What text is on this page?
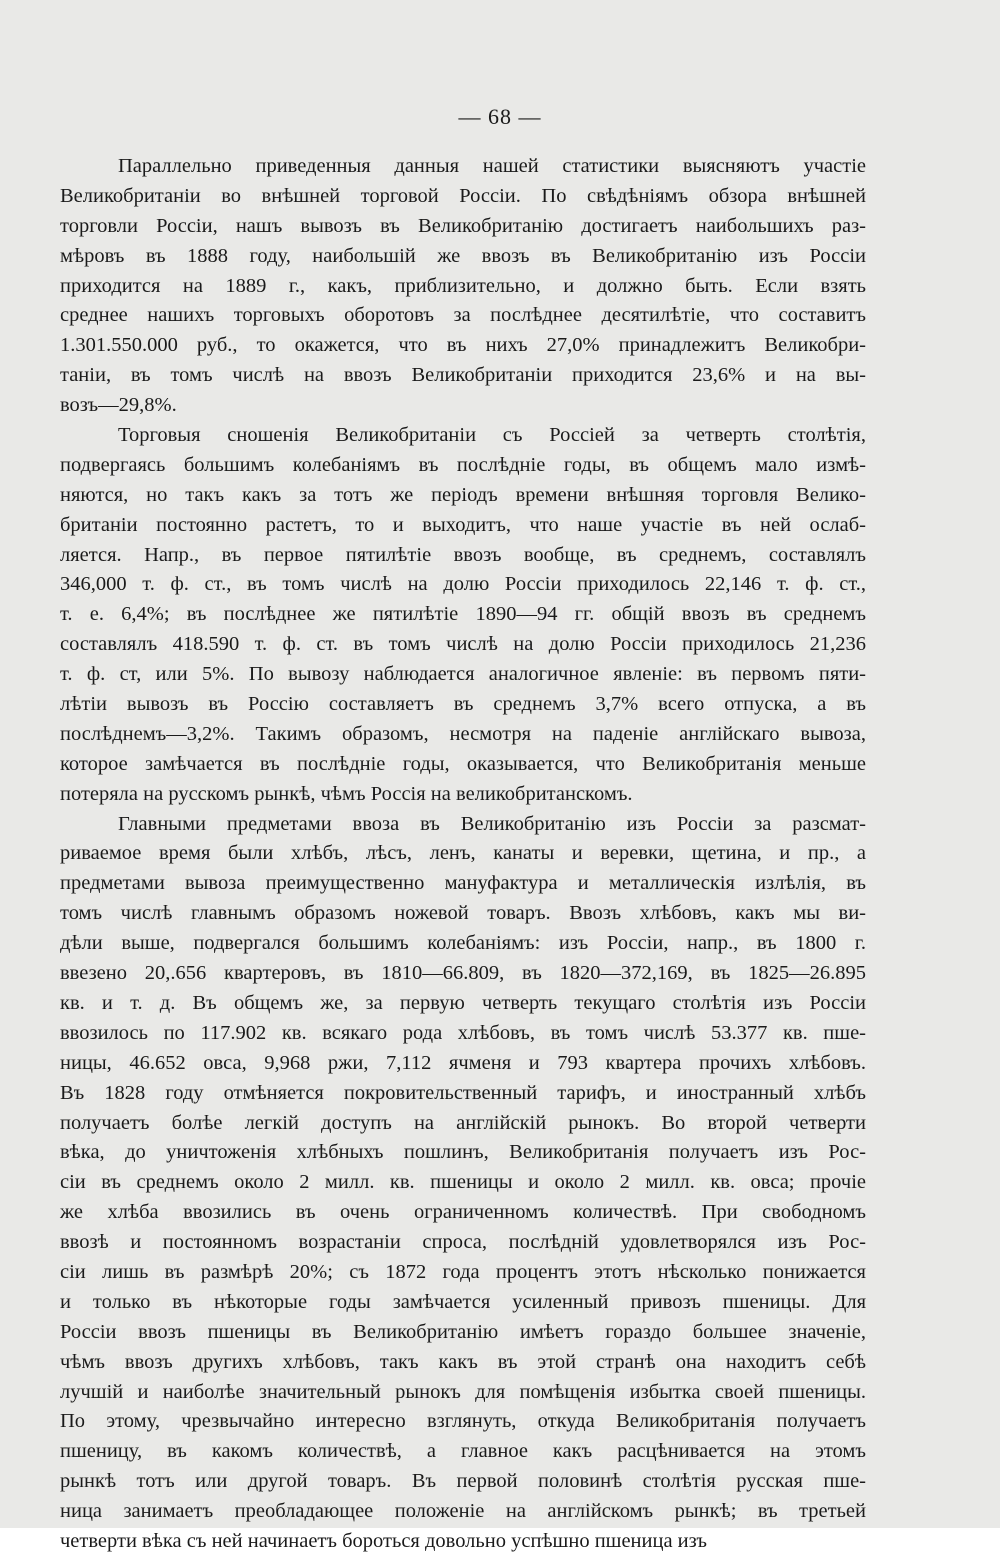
— 68 —
Параллельно приведенныя данныя нашей статистики выясняютъ участіе
Великобританіи во внѣшней торговой Россіи. По свѣдѣніямъ обзора внѣшней
торговли Россіи, нашъ вывозъ въ Великобританію достигаетъ наибольшихъ раз-
мѣровъ въ 1888 году, наибольшій же ввозъ въ Великобританію изъ Россіи
приходится на 1889 г., какъ, приблизительно, и должно быть. Если взять
среднее нашихъ торговыхъ оборотовъ за послѣднее десятилѣтіе, что составитъ
1.301.550.000 руб., то окажется, что въ нихъ 27,0% принадлежитъ Великобри-
таніи, въ томъ числѣ на ввозъ Великобританіи приходится 23,6% и на вы-
возъ—29,8%.
Торговыя сношенія Великобританіи съ Россіей за четверть столѣтія,
подвергаясь большимъ колебаніямъ въ послѣдніе годы, въ общемъ мало измѣ-
няются, но такъ какъ за тотъ же періодъ времени внѣшняя торговля Велико-
британіи постоянно растетъ, то и выходитъ, что наше участіе въ ней ослаб-
ляется. Напр., въ первое пятилѣтіе ввозъ вообще, въ среднемъ, составлялъ
346,000 т. ф. ст., въ томъ числѣ на долю Россіи приходилось 22,146 т. ф. ст.,
т. е. 6,4%; въ послѣднее же пятилѣтіе 1890—94 гг. общій ввозъ въ среднемъ
составлялъ 418.590 т. ф. ст. въ томъ числѣ на долю Россіи приходилось 21,236
т. ф. ст, или 5%. По вывозу наблюдается аналогичное явленіе: въ первомъ пяти-
лѣтіи вывозъ въ Россію составляетъ въ среднемъ 3,7% всего отпуска, а въ
послѣднемъ—3,2%. Такимъ образомъ, несмотря на паденіе англійскаго вывоза,
которое замѣчается въ послѣдніе годы, оказывается, что Великобританія меньше
потеряла на русскомъ рынкѣ, чѣмъ Россія на великобританскомъ.
Главными предметами ввоза въ Великобританію изъ Россіи за разсмат-
риваемое время были хлѣбъ, лѣсъ, ленъ, канаты и веревки, щетина, и пр., а
предметами вывоза преимущественно мануфактура и металлическія излѣлія, въ
томъ числѣ главнымъ образомъ ножевой товаръ. Ввозъ хлѣбовъ, какъ мы ви-
дѣли выше, подвергался большимъ колебаніямъ: изъ Россіи, напр., въ 1800 г.
ввезено 20,.656 квартеровъ, въ 1810—66.809, въ 1820—372,169, въ 1825—26.895
кв. и т. д. Въ общемъ же, за первую четверть текущаго столѣтія изъ Россіи
ввозилось по 117.902 кв. всякаго рода хлѣбовъ, въ томъ числѣ 53.377 кв. пше-
ницы, 46.652 овса, 9,968 ржи, 7,112 ячменя и 793 квартера прочихъ хлѣбовъ.
Въ 1828 году отмѣняется покровительственный тарифъ, и иностранный хлѣбъ
получаетъ болѣе легкій доступъ на англійскій рынокъ. Во второй четверти
вѣка, до уничтоженія хлѣбныхъ пошлинъ, Великобританія получаетъ изъ Рос-
сіи въ среднемъ около 2 милл. кв. пшеницы и около 2 милл. кв. овса; прочіе
же хлѣба ввозились въ очень ограниченномъ количествѣ. При свободномъ
ввозѣ и постоянномъ возрастаніи спроса, послѣдній удовлетворялся изъ Рос-
сіи лишь въ размѣрѣ 20%; съ 1872 года процентъ этотъ нѣсколько понижается
и только въ нѣкоторые годы замѣчается усиленный привозъ пшеницы. Для
Россіи ввозъ пшеницы въ Великобританію имѣетъ гораздо большее значеніе,
чѣмъ ввозъ другихъ хлѣбовъ, такъ какъ въ этой странѣ она находитъ себѣ
лучшій и наиболѣе значительный рынокъ для помѣщенія избытка своей пшеницы.
По этому, чрезвычайно интересно взглянуть, откуда Великобританія получаетъ
пшеницу, въ какомъ количествѣ, а главное какъ расцѣнивается на этомъ
рынкѣ тотъ или другой товаръ. Въ первой половинѣ столѣтія русская пше-
ница занимаетъ преобладающее положеніе на англійскомъ рынкѣ; въ третьей
четверти вѣка съ ней начинаетъ бороться довольно успѣшно пшеница изъ
